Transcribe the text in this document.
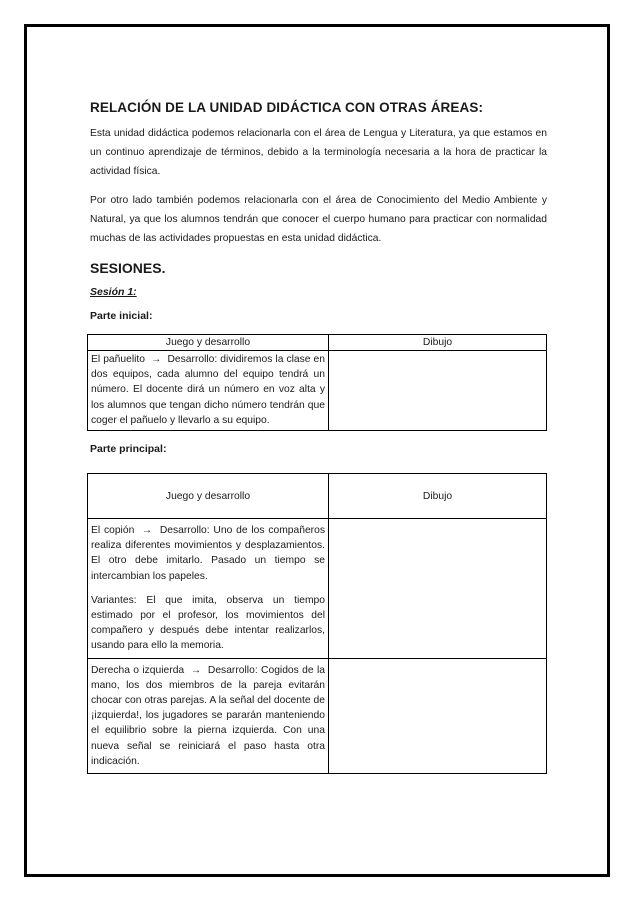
RELACIÓN DE LA UNIDAD DIDÁCTICA CON OTRAS ÁREAS:

Esta unidad didáctica podemos relacionarla con el área de Lengua y Literatura, ya que estamos en un continuo aprendizaje de términos, debido a la terminología necesaria a la hora de practicar la actividad física.

Por otro lado también podemos relacionarla con el área de Conocimiento del Medio Ambiente y Natural, ya que los alumnos tendrán que conocer el cuerpo humano para practicar con normalidad muchas de las actividades propuestas en esta unidad didáctica.

SESIONES.
Sesión 1:
Parte inicial:
Juego y desarrollo	Dibujo
El pañuelito → Desarrollo: dividiremos la clase en dos equipos, cada alumno del equipo tendrá un número. El docente dirá un número en voz alta y los alumnos que tengan dicho número tendrán que coger el pañuelo y llevarlo a su equipo.	
Parte principal:
Juego y desarrollo	Dibujo

El copión → Desarrollo: Uno de los compañeros realiza diferentes movimientos y desplazamientos. El otro debe imitarlo. Pasado un tiempo se intercambian los papeles.
Variantes: El que imita, observa un tiempo estimado por el profesor, los movimientos del compañero y después debe intentar realizarlos, usando para ello la memoria.	

Derecha o izquierda → Desarrollo: Cogidos de la mano, los dos miembros de la pareja evitarán chocar con otras parejas. A la señal del docente de ¡izquierda!, los jugadores se pararán manteniendo el equilibrio sobre la pierna izquierda. Con una nueva señal se reiniciará el paso hasta otra indicación.	
